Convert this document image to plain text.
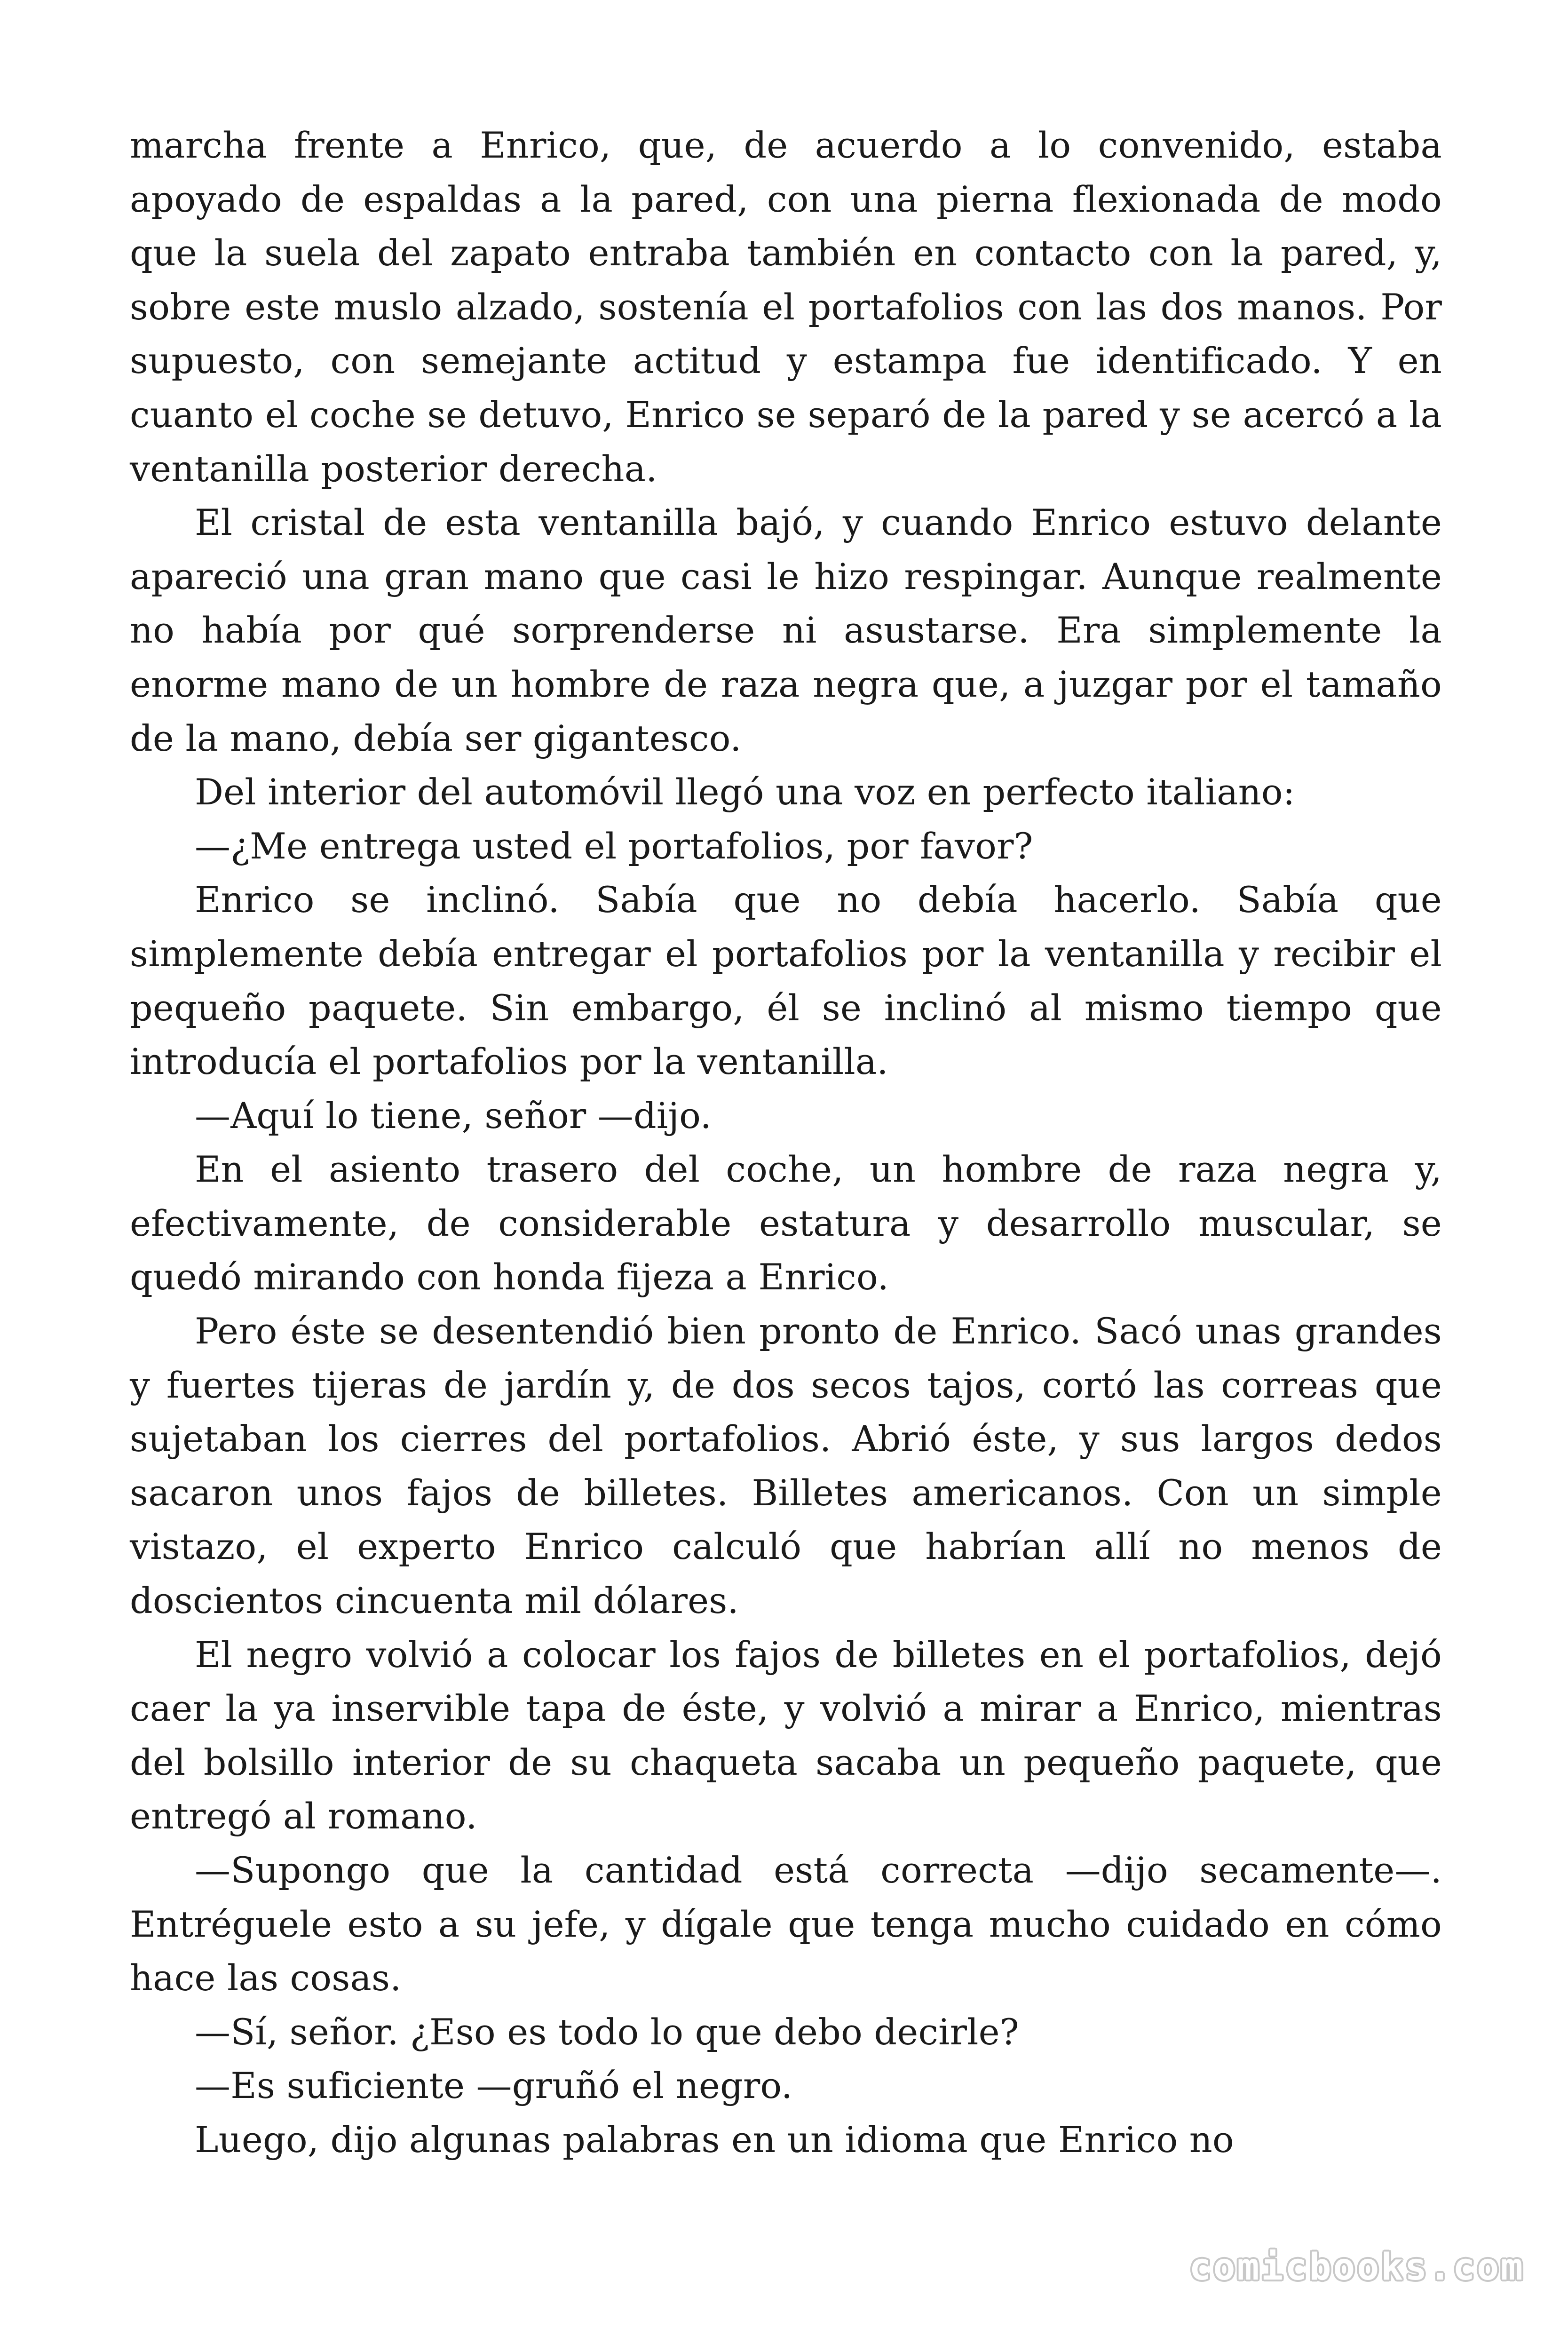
marcha frente a Enrico, que, de acuerdo a lo convenido, estaba apoyado de espaldas a la pared, con una pierna flexionada de modo que la suela del zapato entraba también en contacto con la pared, y, sobre este muslo alzado, sostenía el portafolios con las dos manos. Por supuesto, con semejante actitud y estampa fue identificado. Y en cuanto el coche se detuvo, Enrico se separó de la pared y se acercó a la ventanilla posterior derecha.

El cristal de esta ventanilla bajó, y cuando Enrico estuvo delante apareció una gran mano que casi le hizo respingar. Aunque realmente no había por qué sorprenderse ni asustarse. Era simplemente la enorme mano de un hombre de raza negra que, a juzgar por el tamaño de la mano, debía ser gigantesco.

Del interior del automóvil llegó una voz en perfecto italiano:

—¿Me entrega usted el portafolios, por favor?

Enrico se inclinó. Sabía que no debía hacerlo. Sabía que simplemente debía entregar el portafolios por la ventanilla y recibir el pequeño paquete. Sin embargo, él se inclinó al mismo tiempo que introducía el portafolios por la ventanilla.

—Aquí lo tiene, señor —dijo.

En el asiento trasero del coche, un hombre de raza negra y, efectivamente, de considerable estatura y desarrollo muscular, se quedó mirando con honda fijeza a Enrico.

Pero éste se desentendió bien pronto de Enrico. Sacó unas grandes y fuertes tijeras de jardín y, de dos secos tajos, cortó las correas que sujetaban los cierres del portafolios. Abrió éste, y sus largos dedos sacaron unos fajos de billetes. Billetes americanos. Con un simple vistazo, el experto Enrico calculó que habrían allí no menos de doscientos cincuenta mil dólares.

El negro volvió a colocar los fajos de billetes en el portafolios, dejó caer la ya inservible tapa de éste, y volvió a mirar a Enrico, mientras del bolsillo interior de su chaqueta sacaba un pequeño paquete, que entregó al romano.

—Supongo que la cantidad está correcta —dijo secamente—. Entréguele esto a su jefe, y dígale que tenga mucho cuidado en cómo hace las cosas.

—Sí, señor. ¿Eso es todo lo que debo decirle?

—Es suficiente —gruñó el negro.

Luego, dijo algunas palabras en un idioma que Enrico no

comicbooks.com
